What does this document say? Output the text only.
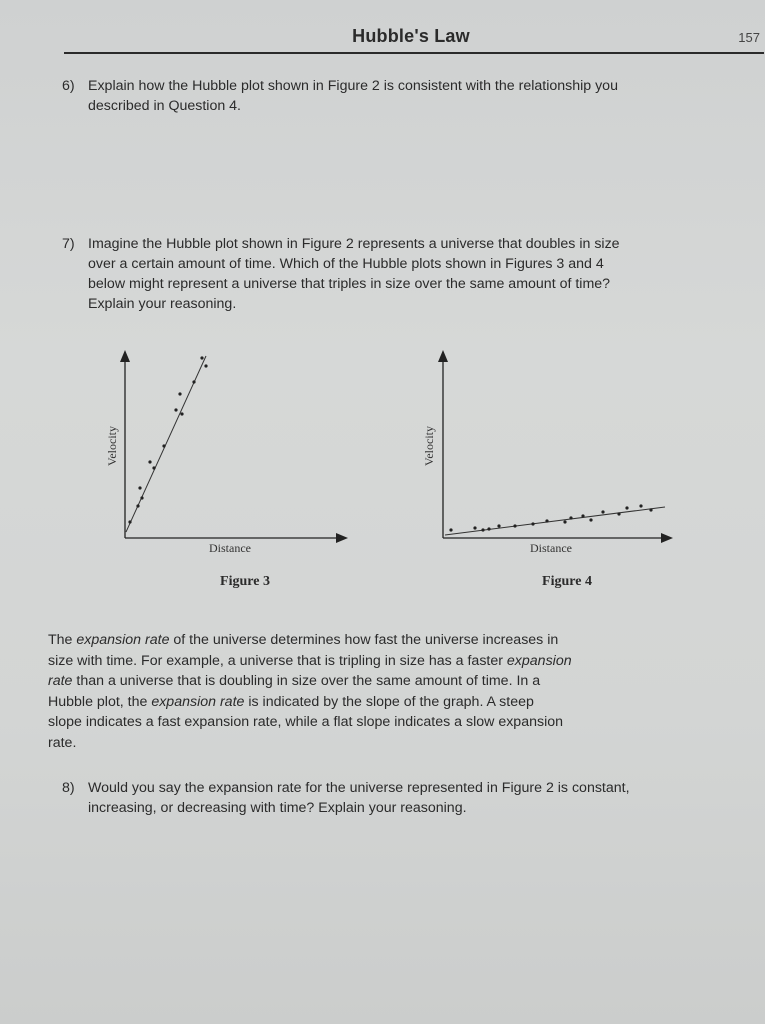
Hubble's Law	157
6) Explain how the Hubble plot shown in Figure 2 is consistent with the relationship you
described in Question 4.
7) Imagine the Hubble plot shown in Figure 2 represents a universe that doubles in size
over a certain amount of time. Which of the Hubble plots shown in Figures 3 and 4
below might represent a universe that triples in size over the same amount of time?
Explain your reasoning.
Velocity
Distance
Figure 3
Velocity
Distance
Figure 4
The expansion rate of the universe determines how fast the universe increases in
size with time. For example, a universe that is tripling in size has a faster expansion
rate than a universe that is doubling in size over the same amount of time. In a
Hubble plot, the expansion rate is indicated by the slope of the graph. A steep
slope indicates a fast expansion rate, while a flat slope indicates a slow expansion
rate.
8) Would you say the expansion rate for the universe represented in Figure 2 is constant,
increasing, or decreasing with time? Explain your reasoning.
